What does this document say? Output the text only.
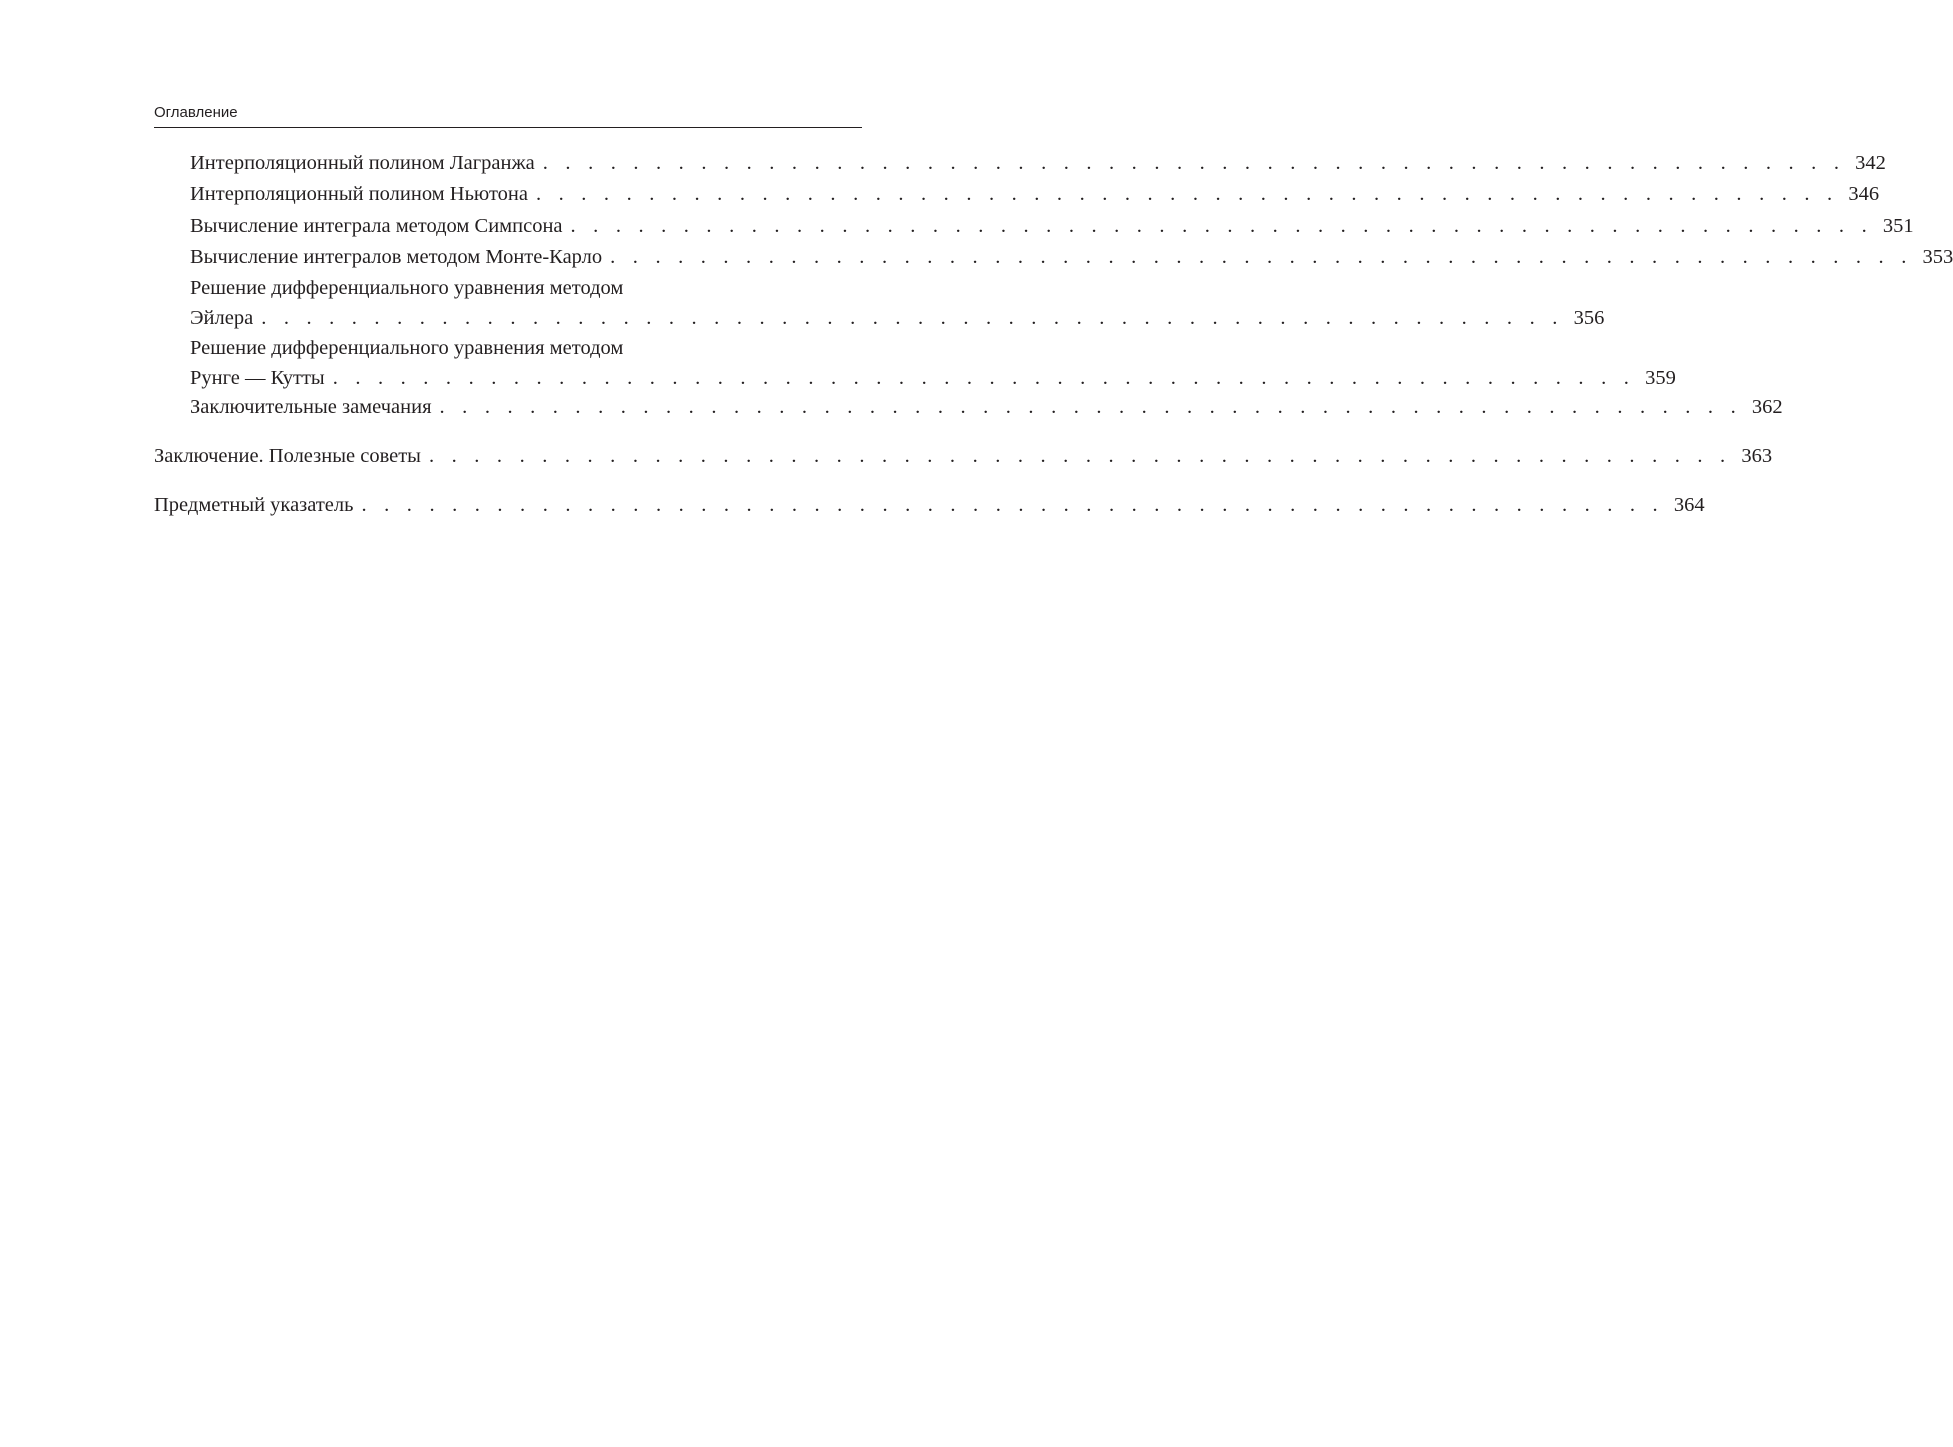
Оглавление
Интерполяционный полином Лагранжа . . . . . . . . . . . . . . . . . . . . . . . . . . . . . . . . . . . . . . . . . . . . . . . . . . . . . . . . . . 342
Интерполяционный полином Ньютона . . . . . . . . . . . . . . . . . . . . . . . . . . . . . . . . . . . . . . . . . . . . . . . . . . . . . . . . . . 346
Вычисление интеграла методом Симпсона . . . . . . . . . . . . . . . . . . . . . . . . . . . . . . . . . . . . . . . . . . . . . . . . . . . . . . . . . . 351
Вычисление интегралов методом Монте-Карло . . . . . . . . . . . . . . . . . . . . . . . . . . . . . . . . . . . . . . . . . . . . . . . . . . . . . . . . . . 353
Решение дифференциального уравнения методом
Эйлера . . . . . . . . . . . . . . . . . . . . . . . . . . . . . . . . . . . . . . . . . . . . . . . . . . . . . . . . . . 356
Решение дифференциального уравнения методом
Рунге — Кутты . . . . . . . . . . . . . . . . . . . . . . . . . . . . . . . . . . . . . . . . . . . . . . . . . . . . . . . . . . 359
Заключительные замечания . . . . . . . . . . . . . . . . . . . . . . . . . . . . . . . . . . . . . . . . . . . . . . . . . . . . . . . . . . 362
Заключение. Полезные советы . . . . . . . . . . . . . . . . . . . . . . . . . . . . . . . . . . . . . . . . . . . . . . . . . . . . . . . . . . 363
Предметный указатель . . . . . . . . . . . . . . . . . . . . . . . . . . . . . . . . . . . . . . . . . . . . . . . . . . . . . . . . . . 364
